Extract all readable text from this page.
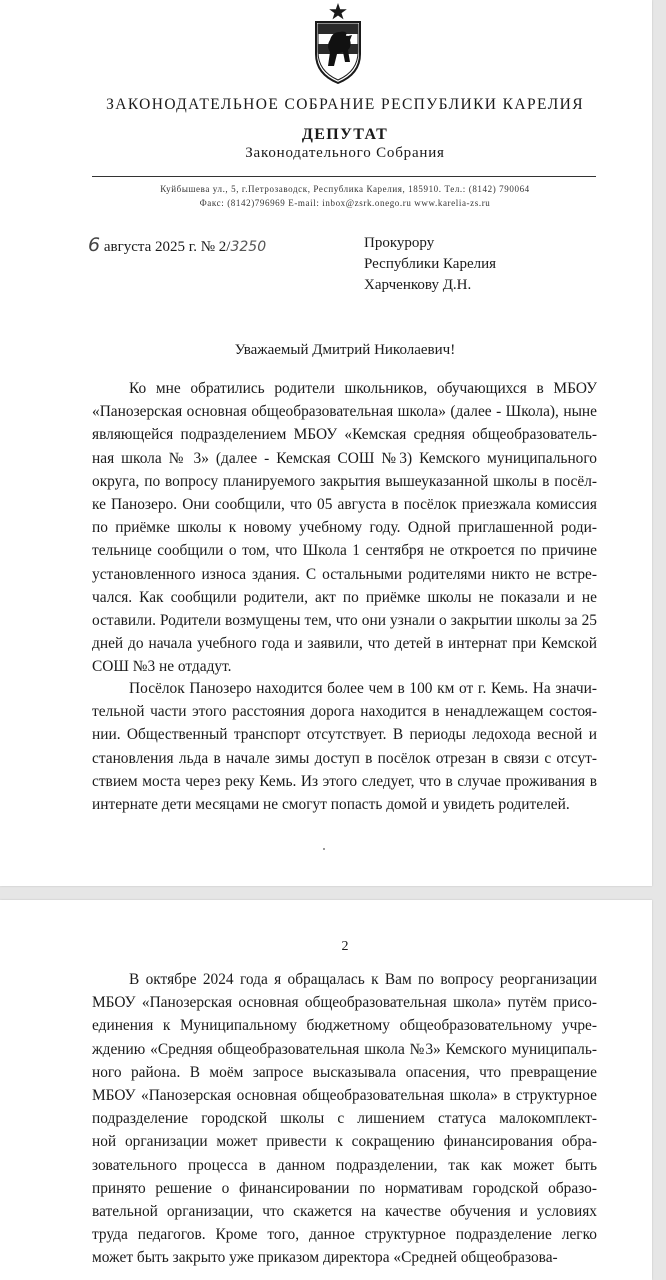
ЗАКОНОДАТЕЛЬНОЕ СОБРАНИЕ РЕСПУБЛИКИ КАРЕЛИЯ
ДЕПУТАТ
Законодательного Собрания
Куйбышева ул., 5, г.Петрозаводск, Республика Карелия, 185910. Тел.: (8142) 790064
Факс: (8142)796969 E-mail: inbox@zsrk.onego.ru www.karelia-zs.ru
6 августа 2025 г. № 2/3250	Прокурору
Республики Карелия
Харченкову Д.Н.
Уважаемый Дмитрий Николаевич!
Ко мне обратились родители школьников, обучающихся в МБОУ
«Панозерская основная общеобразовательная школа» (далее - Школа), ныне
являющейся подразделением МБОУ «Кемская средняя общеобразователь-
ная школа № 3» (далее - Кемская СОШ №3) Кемского муниципального
округа, по вопросу планируемого закрытия вышеуказанной школы в посёл-
ке Панозеро. Они сообщили, что 05 августа в посёлок приезжала комиссия
по приёмке школы к новому учебному году. Одной приглашенной роди-
тельнице сообщили о том, что Школа 1 сентября не откроется по причине
установленного износа здания. С остальными родителями никто не встре-
чался. Как сообщили родители, акт по приёмке школы не показали и не
оставили. Родители возмущены тем, что они узнали о закрытии школы за 25
дней до начала учебного года и заявили, что детей в интернат при Кемской
СОШ №3 не отдадут.
Посёлок Панозеро находится более чем в 100 км от г. Кемь. На значи-
тельной части этого расстояния дорога находится в ненадлежащем состоя-
нии. Общественный транспорт отсутствует. В периоды ледохода весной и
становления льда в начале зимы доступ в посёлок отрезан в связи с отсут-
ствием моста через реку Кемь. Из этого следует, что в случае проживания в
интернате дети месяцами не смогут попасть домой и увидеть родителей.
2
В октябре 2024 года я обращалась к Вам по вопросу реорганизации
МБОУ «Панозерская основная общеобразовательная школа» путём присо-
единения к Муниципальному бюджетному общеобразовательному учре-
ждению «Средняя общеобразовательная школа №3» Кемского муниципаль-
ного района. В моём запросе высказывала опасения, что превращение
МБОУ «Панозерская основная общеобразовательная школа» в структурное
подразделение городской школы с лишением статуса малокомплект-
ной организации может привести к сокращению финансирования обра-
зовательного процесса в данном подразделении, так как может быть
принято решение о финансировании по нормативам городской образо-
вательной организации, что скажется на качестве обучения и условиях
труда педагогов. Кроме того, данное структурное подразделение легко
может быть закрыто уже приказом директора «Средней общеобразова-
